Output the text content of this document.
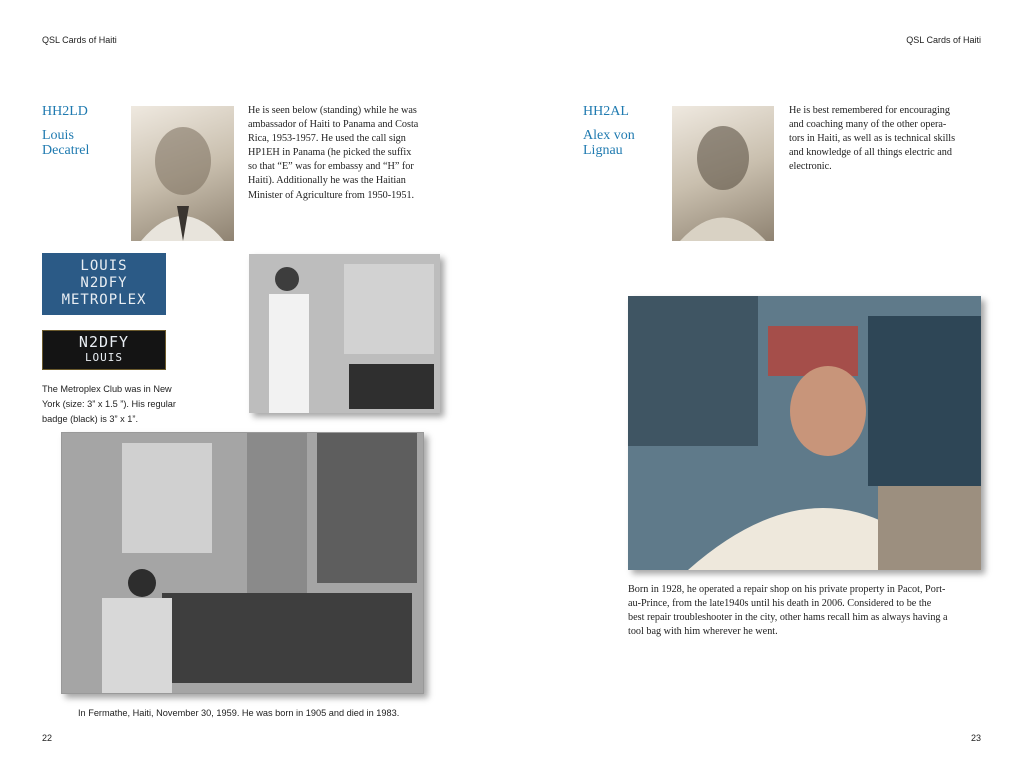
QSL Cards of Haiti
HH2LD
Louis
Decatrel
He is seen below (standing) while he was
ambassador of Haiti to Panama and Costa
Rica, 1953-1957. He used the call sign
HP1EH in Panama (he picked the suffix
so that “E” was for embassy and “H” for
Haiti). Additionally he was the Haitian
Minister of Agriculture from 1950-1951.
LOUIS
N2DFY
METROPLEX
N2DFY
LOUIS
The Metroplex Club was in New
York (size: 3” x 1.5 ”). His regular
badge (black) is 3” x 1”.
In Fermathe, Haiti, November 30, 1959. He was born in 1905 and died in 1983.
22
QSL Cards of Haiti
HH2AL
Alex von
Lignau
He is best remembered for encouraging
and coaching many of the other opera-
tors in Haiti, as well as is technical skills
and knowledge of all things electric and
electronic.
Born in 1928, he operated a repair shop on his private property in Pacot, Port-
au-Prince, from the late1940s until his death in 2006. Considered to be the
best repair troubleshooter in the city, other hams recall him as always having a
tool bag with him wherever he went.
23
